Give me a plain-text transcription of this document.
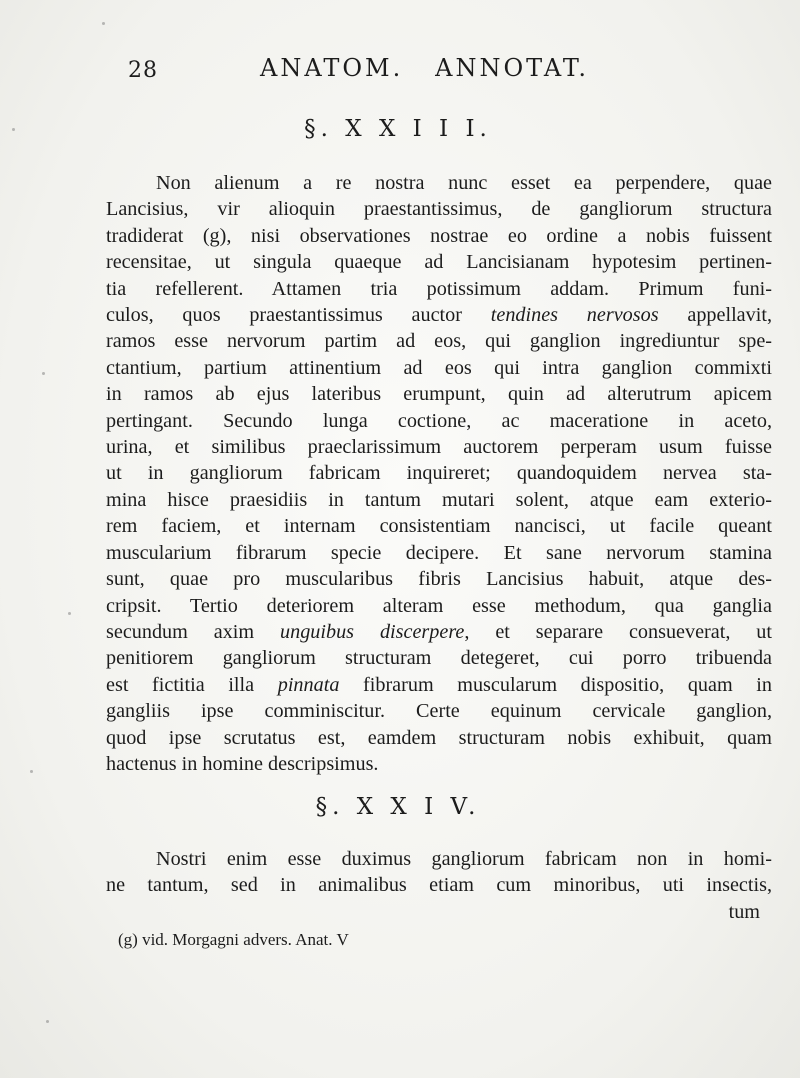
28	ANATOM.   ANNOTAT.
§. X X I I I.
Non alienum a re nostra nunc esset ea perpendere, quae
Lancisius, vir alioquin praestantissimus, de gangliorum structura
tradiderat (g), nisi observationes nostrae eo ordine a nobis fuissent
recensitae, ut singula quaeque ad Lancisianam hypotesim pertinen-
tia refellerent. Attamen tria potissimum addam. Primum funi-
culos, quos praestantissimus auctor tendines nervosos appellavit,
ramos esse nervorum partim ad eos, qui ganglion ingrediuntur spe-
ctantium, partium attinentium ad eos qui intra ganglion commixti
in ramos ab ejus lateribus erumpunt, quin ad alterutrum apicem
pertingant. Secundo lunga coctione, ac maceratione in aceto,
urina, et similibus praeclarissimum auctorem perperam usum fuisse
ut in gangliorum fabricam inquireret; quandoquidem nervea sta-
mina hisce praesidiis in tantum mutari solent, atque eam exterio-
rem faciem, et internam consistentiam nancisci, ut facile queant
muscularium fibrarum specie decipere. Et sane nervorum stamina
sunt, quae pro muscularibus fibris Lancisius habuit, atque des-
cripsit. Tertio deteriorem alteram esse methodum, qua ganglia
secundum axim unguibus discerpere, et separare consueverat, ut
penitiorem gangliorum structuram detegeret, cui porro tribuenda
est fictitia illa pinnata fibrarum muscularum dispositio, quam in
gangliis ipse comminiscitur. Certe equinum cervicale ganglion,
quod ipse scrutatus est, eamdem structuram nobis exhibuit, quam
hactenus in homine descripsimus.
§. X X I V.
Nostri enim esse duximus gangliorum fabricam non in homi-
ne tantum, sed in animalibus etiam cum minoribus, uti insectis,
tum
(g) vid. Morgagni advers. Anat. V
